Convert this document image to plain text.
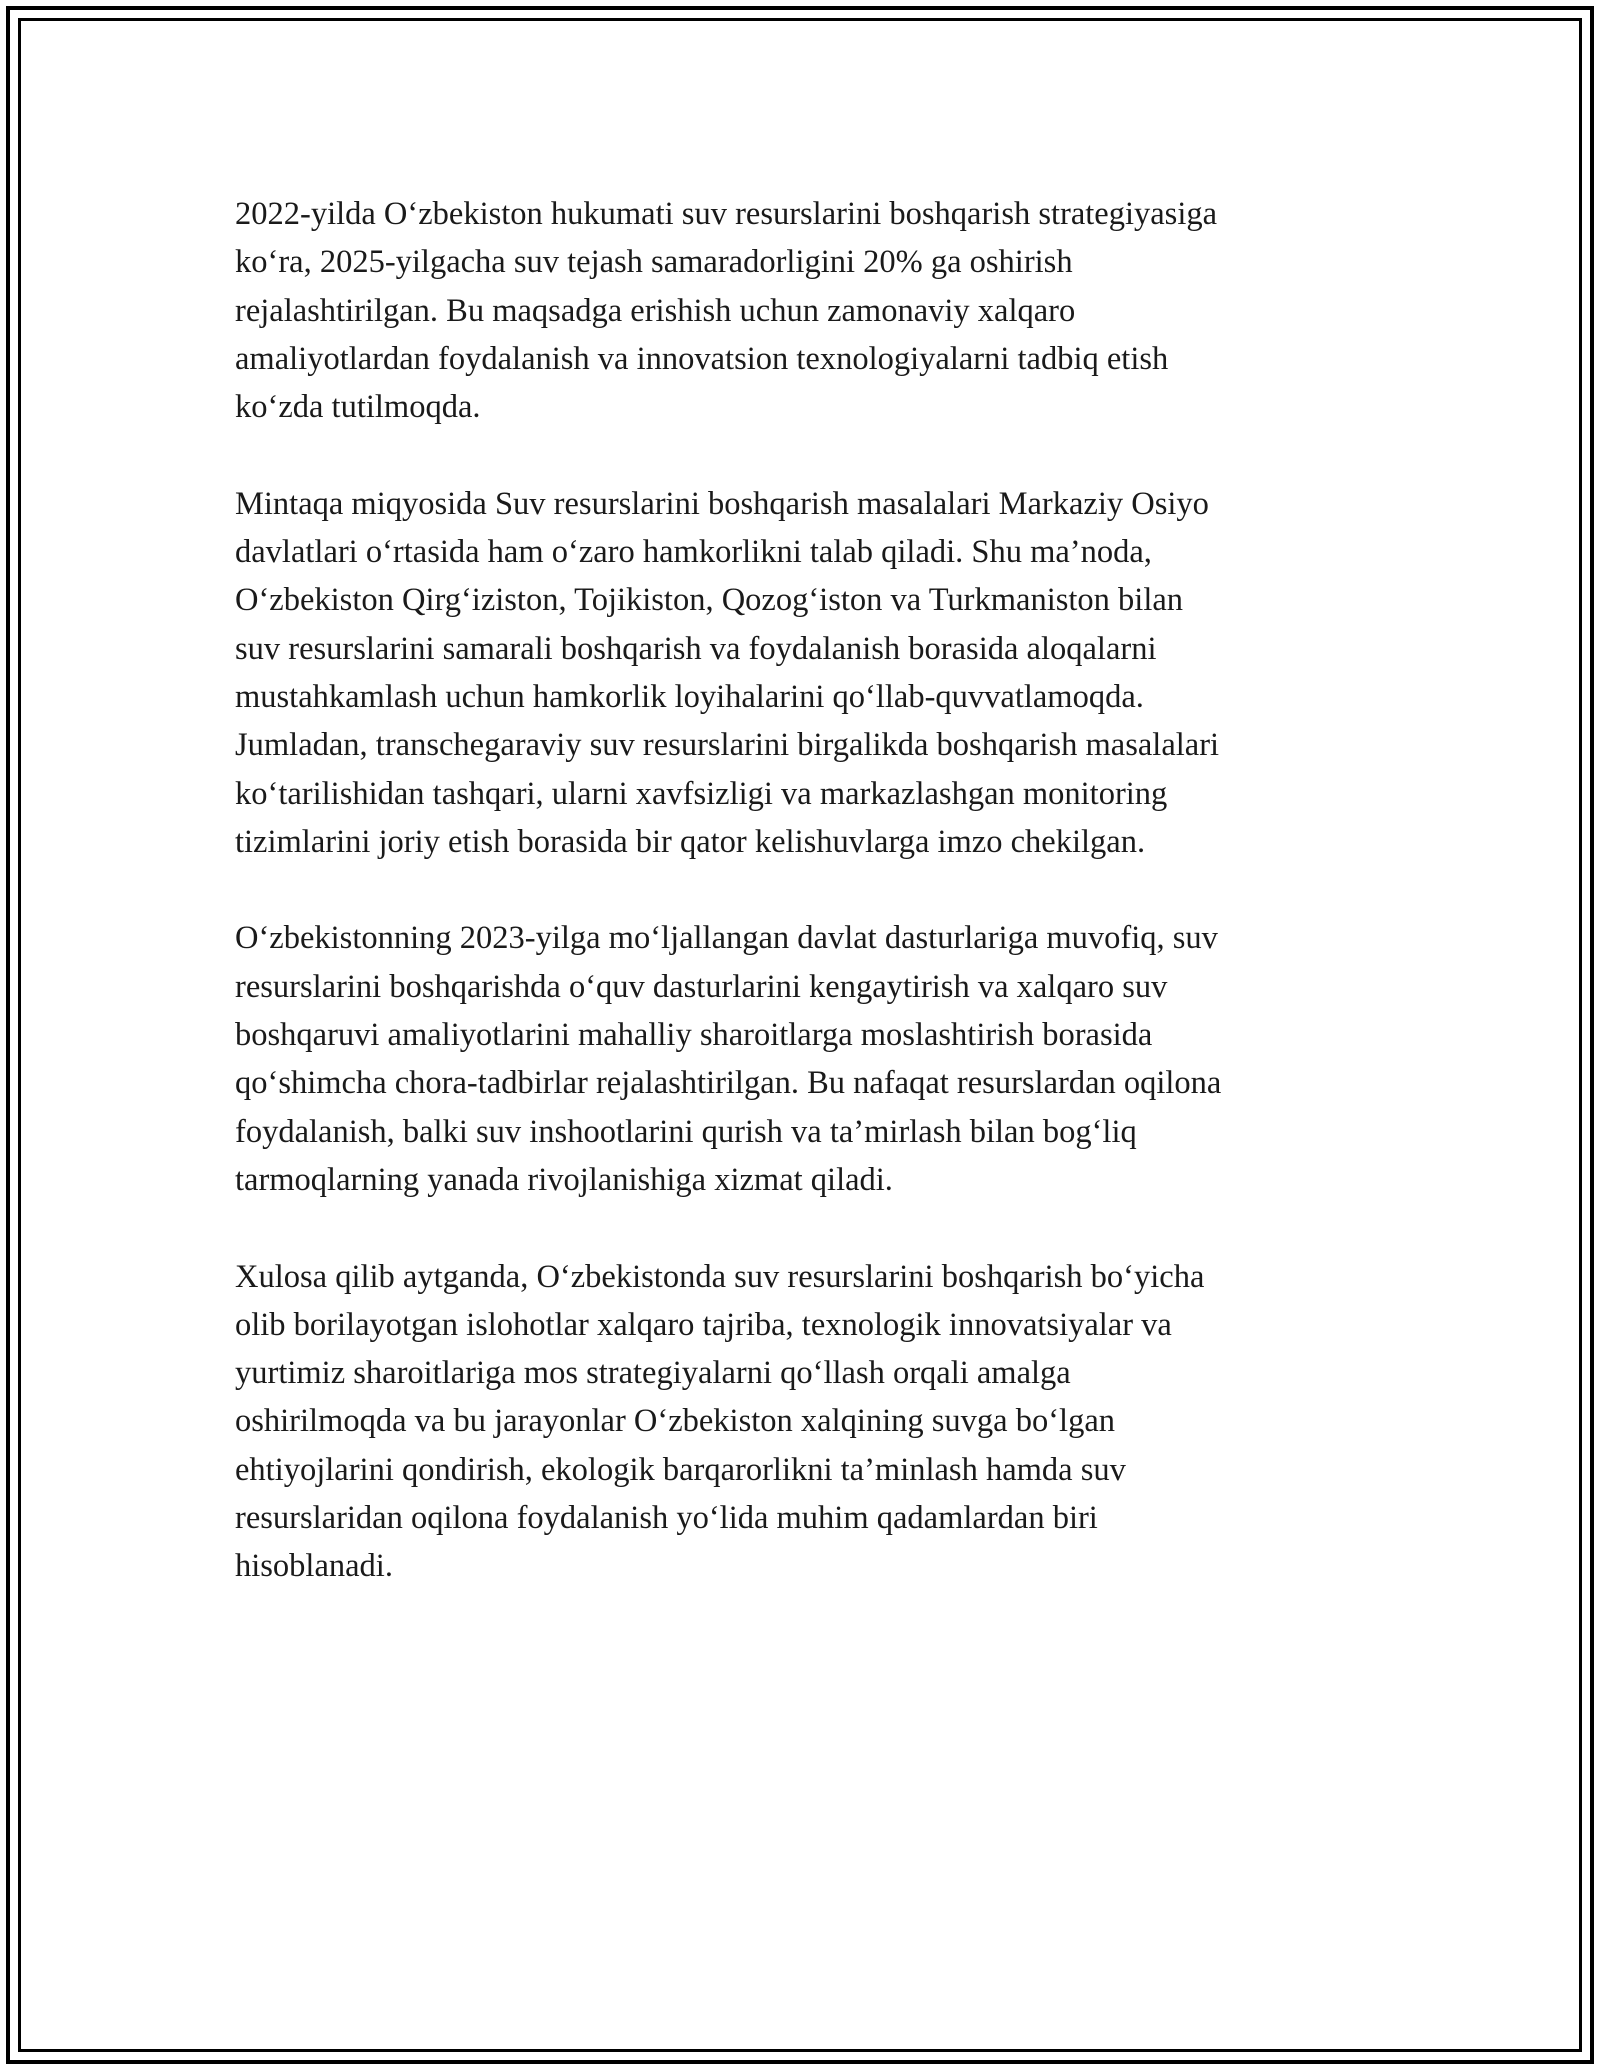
2022-yilda O‘zbekiston hukumati suv resurslarini boshqarish strategiyasiga
ko‘ra, 2025-yilgacha suv tejash samaradorligini 20% ga oshirish
rejalashtirilgan. Bu maqsadga erishish uchun zamonaviy xalqaro
amaliyotlardan foydalanish va innovatsion texnologiyalarni tadbiq etish
ko‘zda tutilmoqda.

Mintaqa miqyosida Suv resurslarini boshqarish masalalari Markaziy Osiyo
davlatlari o‘rtasida ham o‘zaro hamkorlikni talab qiladi. Shu ma’noda,
O‘zbekiston Qirg‘iziston, Tojikiston, Qozog‘iston va Turkmaniston bilan
suv resurslarini samarali boshqarish va foydalanish borasida aloqalarni
mustahkamlash uchun hamkorlik loyihalarini qo‘llab-quvvatlamoqda.
Jumladan, transchegaraviy suv resurslarini birgalikda boshqarish masalalari
ko‘tarilishidan tashqari, ularni xavfsizligi va markazlashgan monitoring
tizimlarini joriy etish borasida bir qator kelishuvlarga imzo chekilgan.

O‘zbekistonning 2023-yilga mo‘ljallangan davlat dasturlariga muvofiq, suv
resurslarini boshqarishda o‘quv dasturlarini kengaytirish va xalqaro suv
boshqaruvi amaliyotlarini mahalliy sharoitlarga moslashtirish borasida
qo‘shimcha chora-tadbirlar rejalashtirilgan. Bu nafaqat resurslardan oqilona
foydalanish, balki suv inshootlarini qurish va ta’mirlash bilan bog‘liq
tarmoqlarning yanada rivojlanishiga xizmat qiladi.

Xulosa qilib aytganda, O‘zbekistonda suv resurslarini boshqarish bo‘yicha
olib borilayotgan islohotlar xalqaro tajriba, texnologik innovatsiyalar va
yurtimiz sharoitlariga mos strategiyalarni qo‘llash orqali amalga
oshirilmoqda va bu jarayonlar O‘zbekiston xalqining suvga bo‘lgan
ehtiyojlarini qondirish, ekologik barqarorlikni ta’minlash hamda suv
resurslaridan oqilona foydalanish yo‘lida muhim qadamlardan biri
hisoblanadi.
